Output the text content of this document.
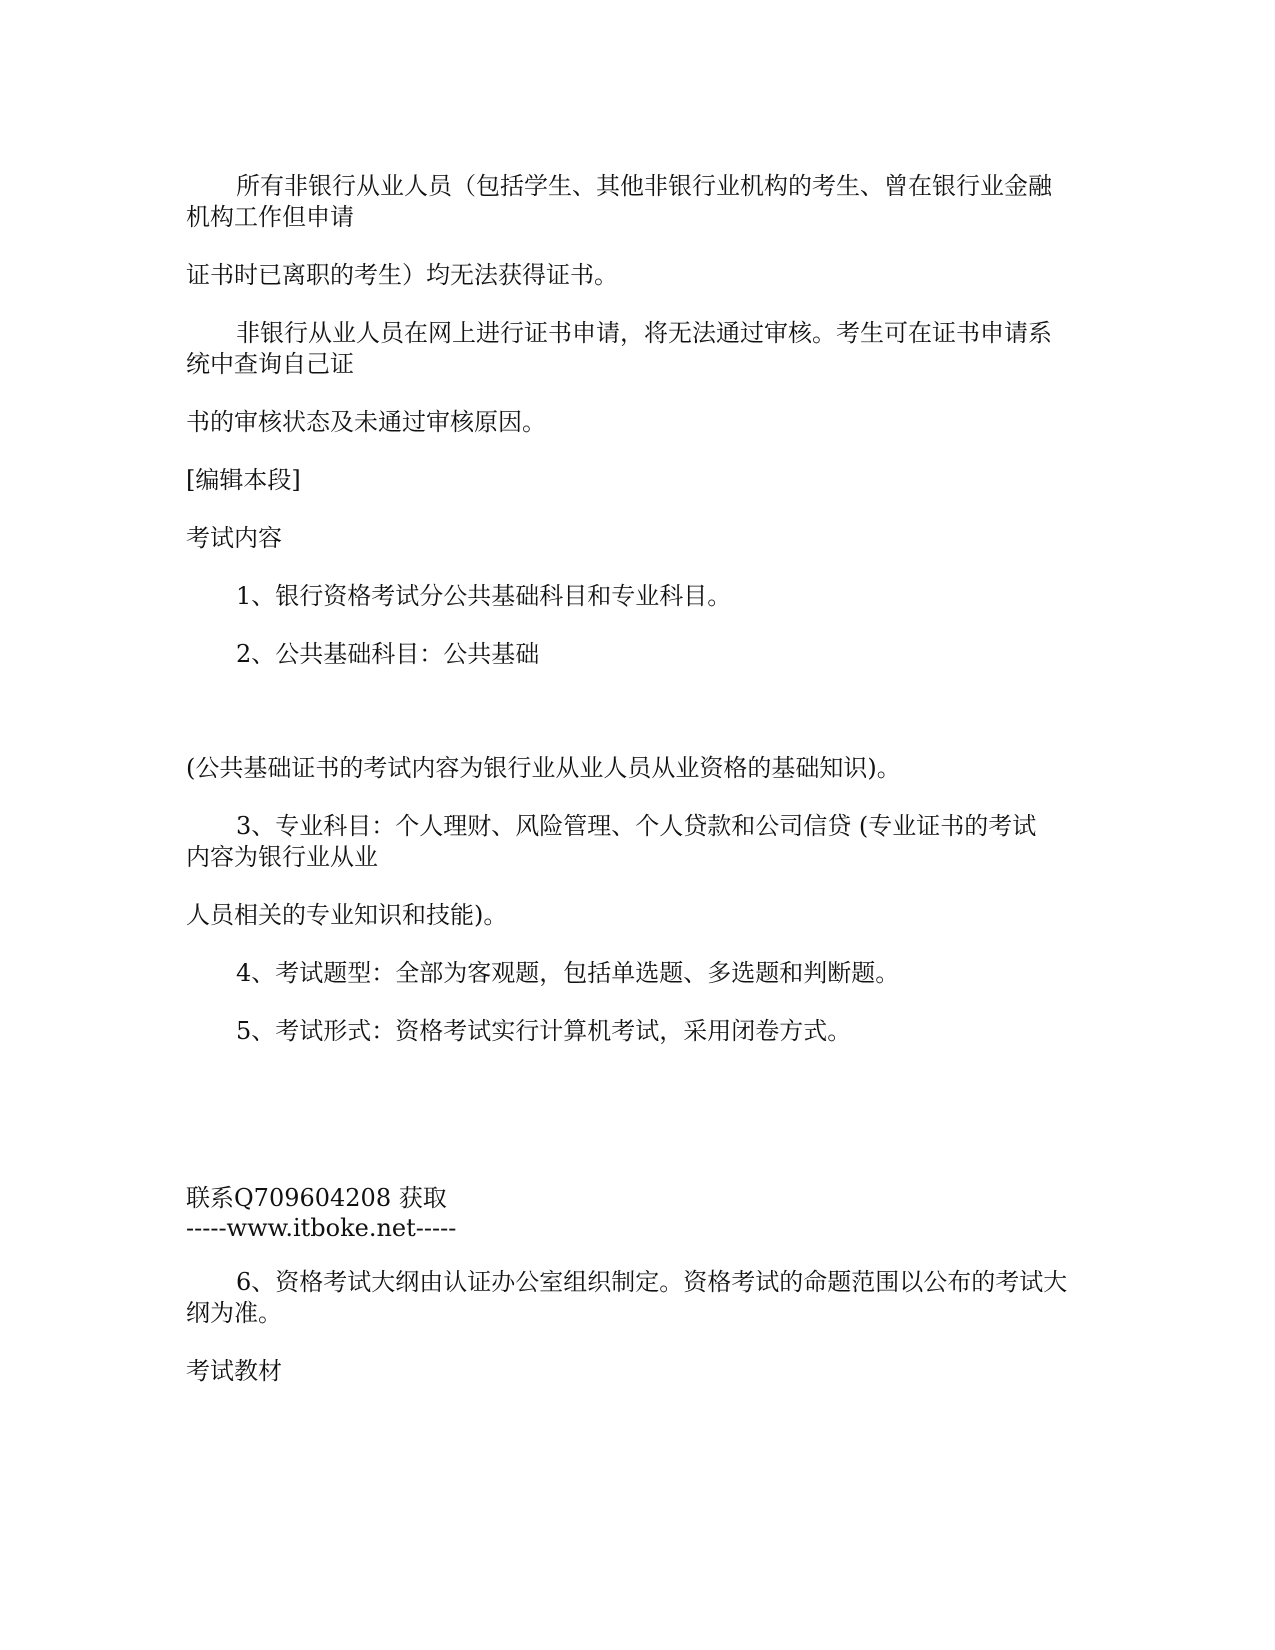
所有非银行从业人员（包括学生、其他非银行业机构的考生、曾在银行业金融
机构工作但申请
证书时已离职的考生）均无法获得证书。
非银行从业人员在网上进行证书申请，将无法通过审核。考生可在证书申请系
统中查询自己证
书的审核状态及未通过审核原因。
[编辑本段]
考试内容
1、银行资格考试分公共基础科目和专业科目。
2、公共基础科目：公共基础
(公共基础证书的考试内容为银行业从业人员从业资格的基础知识)。
3、专业科目：个人理财、风险管理、个人贷款和公司信贷 (专业证书的考试
内容为银行业从业
人员相关的专业知识和技能)。
4、考试题型：全部为客观题，包括单选题、多选题和判断题。
5、考试形式：资格考试实行计算机考试，采用闭卷方式。
联系Q709604208 获取
-----www.itboke.net-----
6、资格考试大纲由认证办公室组织制定。资格考试的命题范围以公布的考试大
纲为准。
考试教材
